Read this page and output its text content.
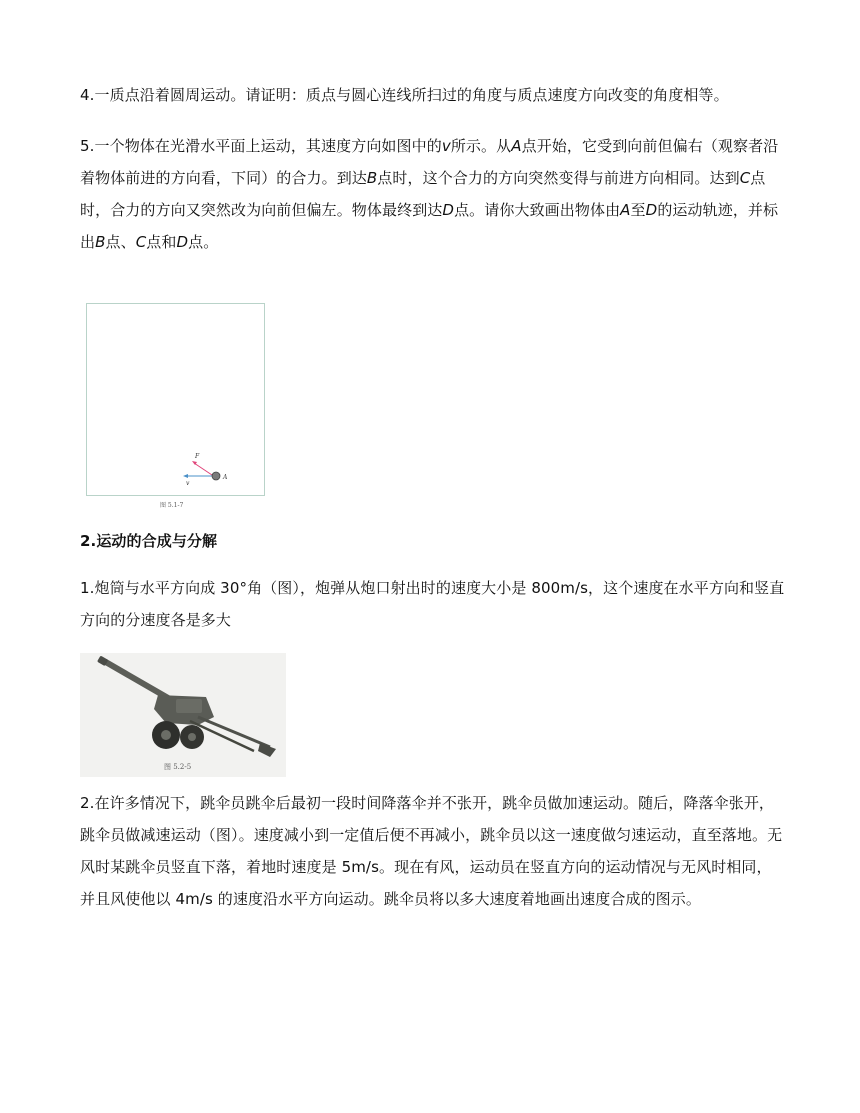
4.一质点沿着圆周运动。请证明：质点与圆心连线所扫过的角度与质点速度方向改变的角度相等。

5.一个物体在光滑水平面上运动，其速度方向如图中的v所示。从A点开始，它受到向前但偏右（观察者沿着物体前进的方向看，下同）的合力。到达B点时，这个合力的方向突然变得与前进方向相同。达到C点时，合力的方向又突然改为向前但偏左。物体最终到达D点。请你大致画出物体由A至D的运动轨迹，并标出B点、C点和D点。

F
v
A
图 5.1-7

2.运动的合成与分解

1.炮筒与水平方向成 30°角（图），炮弹从炮口射出时的速度大小是 800m/s，这个速度在水平方向和竖直方向的分速度各是多大

图 5.2-5

2.在许多情况下，跳伞员跳伞后最初一段时间降落伞并不张开，跳伞员做加速运动。随后，降落伞张开，跳伞员做减速运动（图）。速度减小到一定值后便不再减小，跳伞员以这一速度做匀速运动，直至落地。无风时某跳伞员竖直下落，着地时速度是 5m/s。现在有风，运动员在竖直方向的运动情况与无风时相同，并且风使他以 4m/s 的速度沿水平方向运动。跳伞员将以多大速度着地画出速度合成的图示。
